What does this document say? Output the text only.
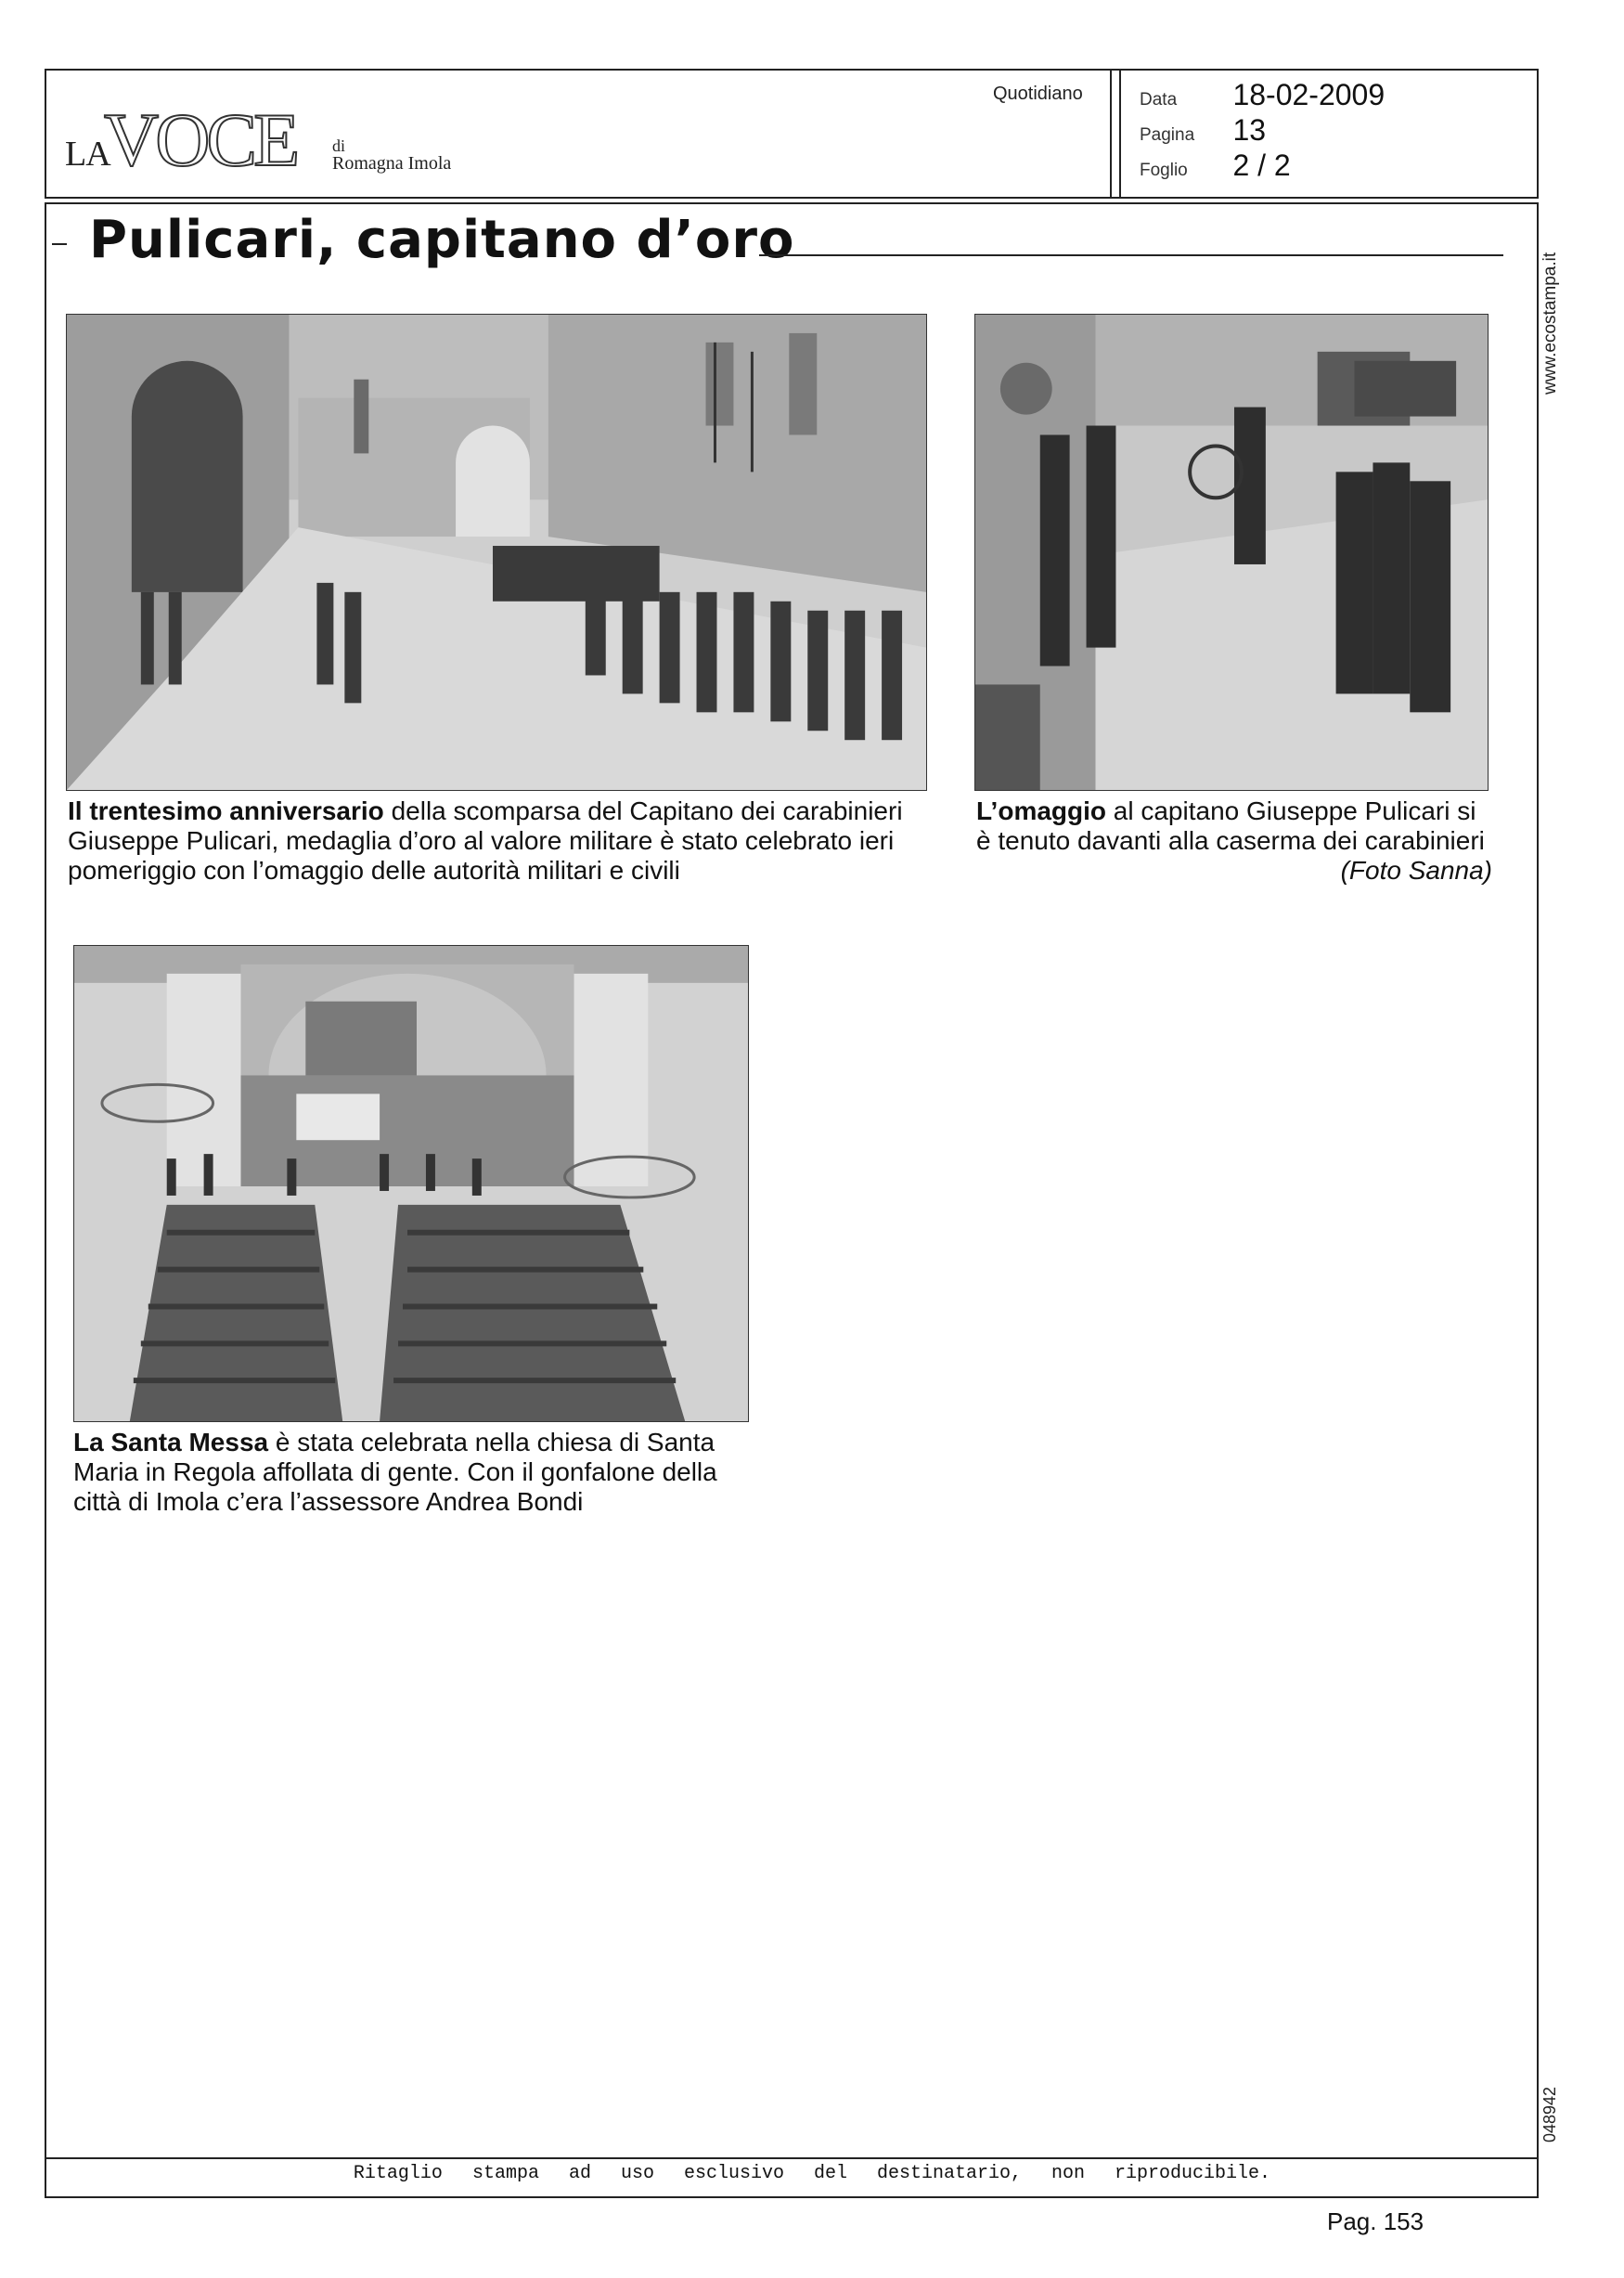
LA
VOCE di
Romagna Imola
Quotidiano	Data 18-02-2009
Pagina 13
Foglio 2 / 2
Pulicari, capitano d’oro
Il trentesimo anniversario della scomparsa del Capitano dei carabinieri Giuseppe Pulicari, medaglia d’oro al valore militare è stato celebrato ieri pomeriggio con l’omaggio delle autorità militari e civili
L’omaggio al capitano Giuseppe Pulicari si è tenuto davanti alla caserma dei carabinieri
(Foto Sanna)
La Santa Messa è stata celebrata nella chiesa di Santa Maria in Regola affollata di gente. Con il gonfalone della città di Imola c’era l’assessore Andrea Bondi
www.ecostampa.it
048942
Ritaglio stampa ad uso esclusivo del destinatario, non riproducibile.
Pag. 153
